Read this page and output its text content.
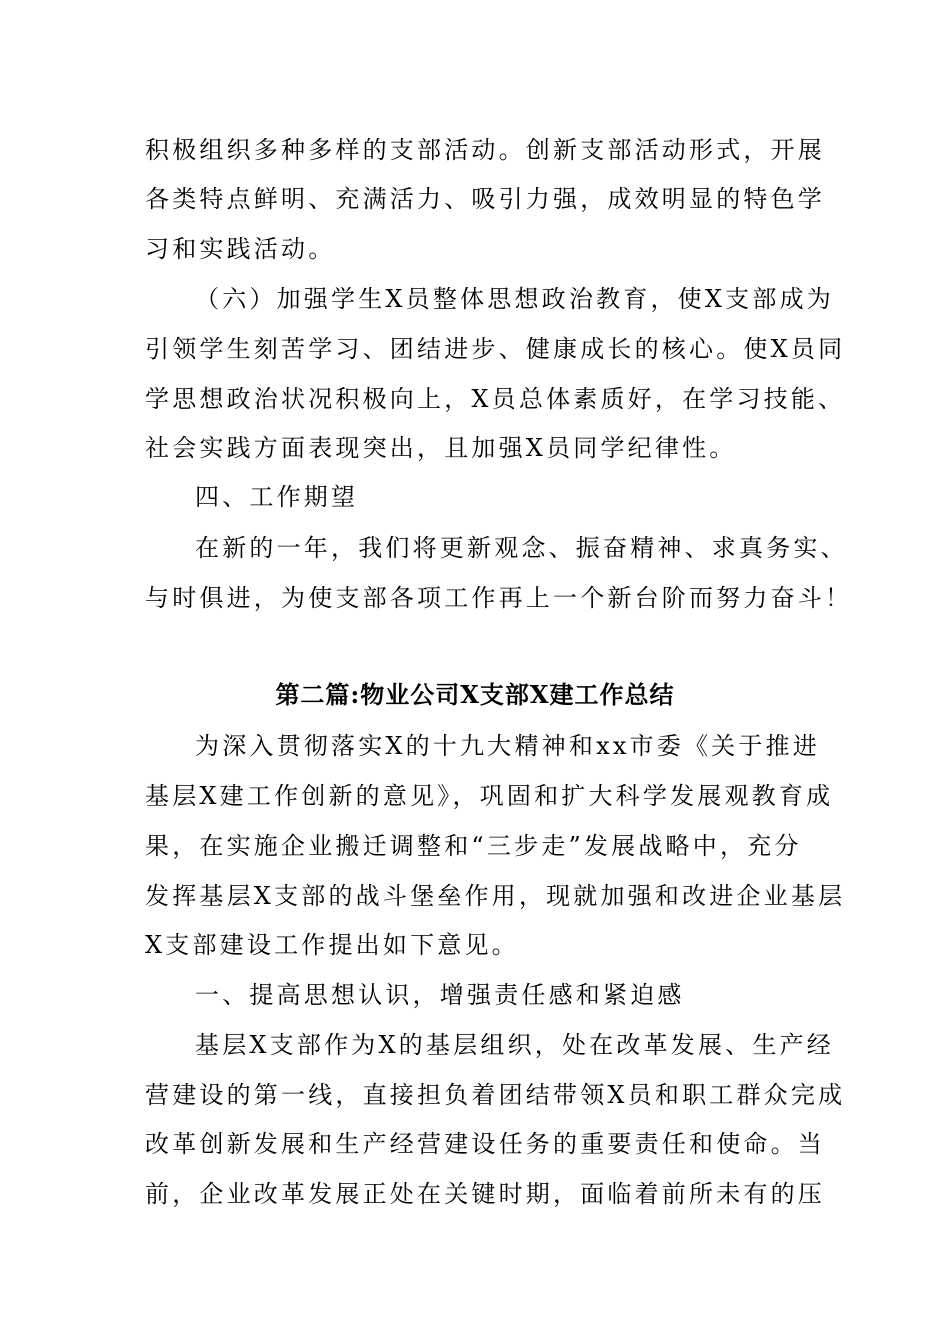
积极组织多种多样的支部活动。创新支部活动形式，开展
各类特点鲜明、充满活力、吸引力强，成效明显的特色学
习和实践活动。
（六）加强学生X员整体思想政治教育，使X支部成为
引领学生刻苦学习、团结进步、健康成长的核心。使X员同
学思想政治状况积极向上，X员总体素质好，在学习技能、
社会实践方面表现突出，且加强X员同学纪律性。
四、工作期望
在新的一年，我们将更新观念、振奋精神、求真务实、
与时俱进，为使支部各项工作再上一个新台阶而努力奋斗！
第二篇:物业公司X支部X建工作总结
为深入贯彻落实X的十九大精神和xx市委《关于推进
基层X建工作创新的意见》，巩固和扩大科学发展观教育成
果，在实施企业搬迁调整和“三步走”发展战略中，充分
发挥基层X支部的战斗堡垒作用，现就加强和改进企业基层
X支部建设工作提出如下意见。
一、提高思想认识，增强责任感和紧迫感
基层X支部作为X的基层组织，处在改革发展、生产经
营建设的第一线，直接担负着团结带领X员和职工群众完成
改革创新发展和生产经营建设任务的重要责任和使命。当
前，企业改革发展正处在关键时期，面临着前所未有的压
